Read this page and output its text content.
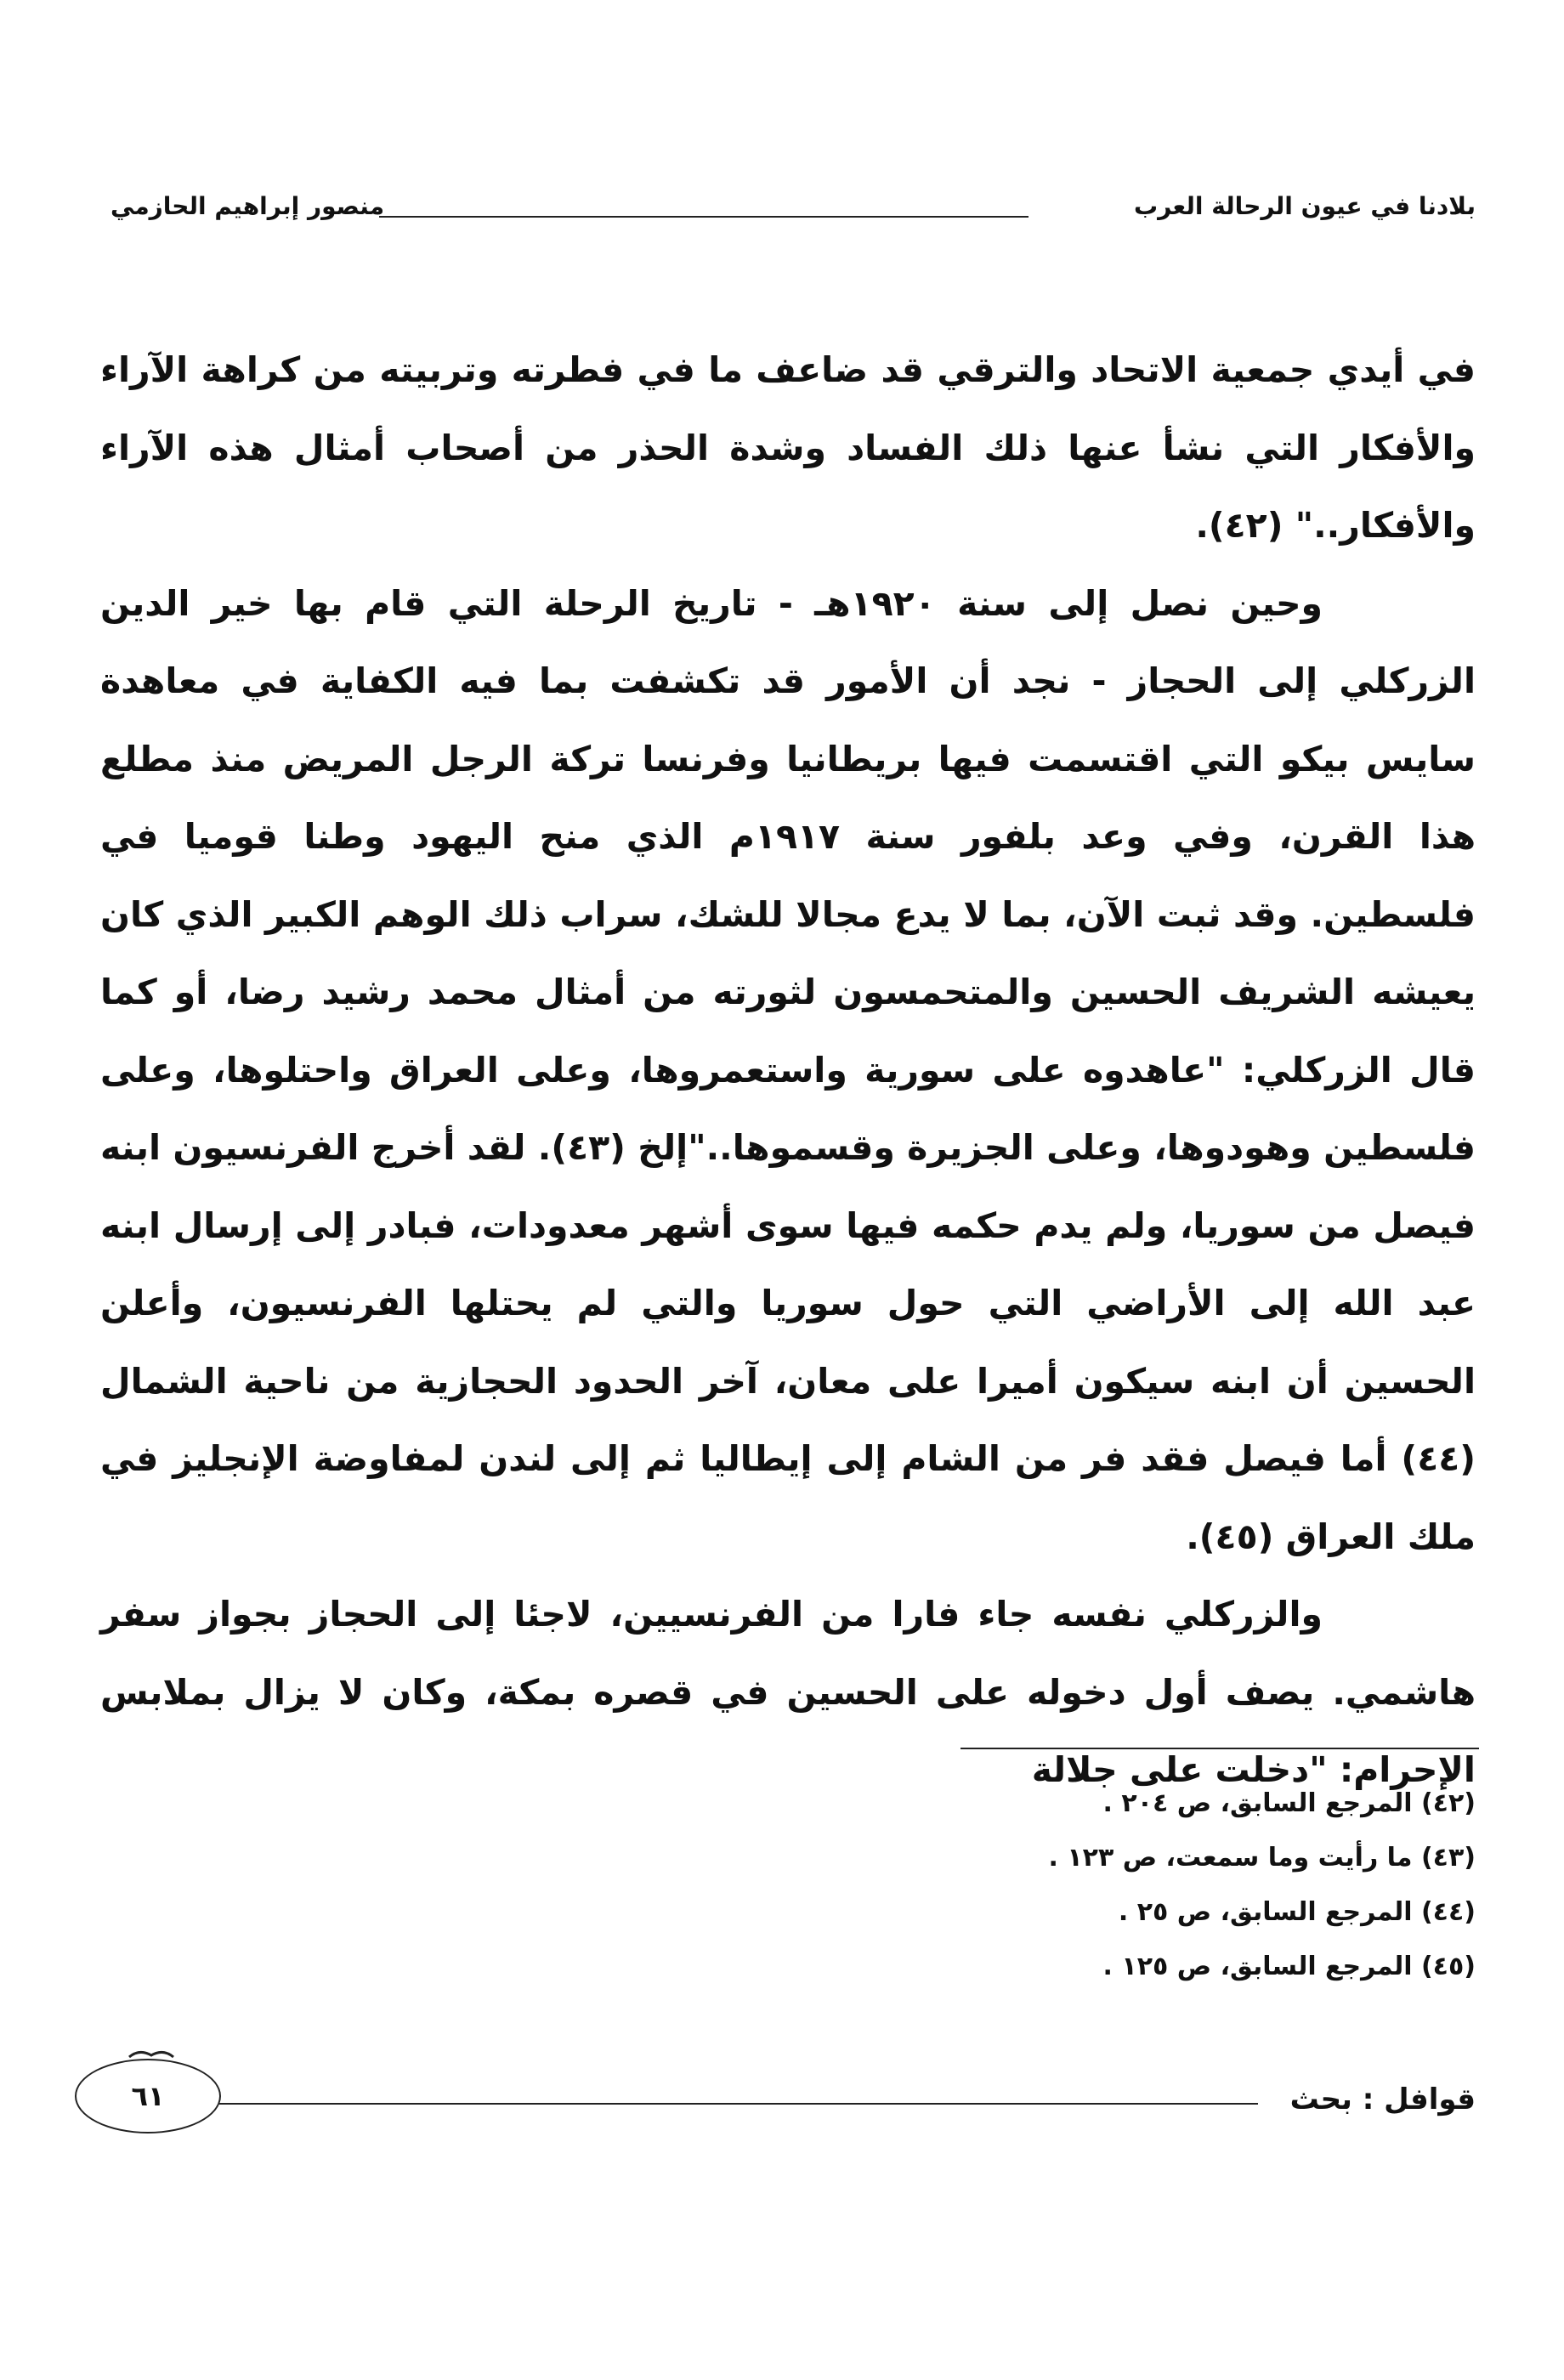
بلادنا في عيون الرحالة العرب
منصور إبراهيم الحازمي

في أيدي جمعية الاتحاد والترقي قد ضاعف ما في فطرته وتربيته من كراهة الآراء والأفكار التي نشأ عنها ذلك الفساد وشدة الحذر من أصحاب أمثال هذه الآراء والأفكار.." (٤٢).

وحين نصل إلى سنة ١٩٢٠هـ - تاريخ الرحلة التي قام بها خير الدين الزركلي إلى الحجاز - نجد أن الأمور قد تكشفت بما فيه الكفاية في معاهدة سايس بيكو التي اقتسمت فيها بريطانيا وفرنسا تركة الرجل المريض منذ مطلع هذا القرن، وفي وعد بلفور سنة ١٩١٧م الذي منح اليهود وطنا قوميا في فلسطين. وقد ثبت الآن، بما لا يدع مجالا للشك، سراب ذلك الوهم الكبير الذي كان يعيشه الشريف الحسين والمتحمسون لثورته من أمثال محمد رشيد رضا، أو كما قال الزركلي: "عاهدوه على سورية واستعمروها، وعلى العراق واحتلوها، وعلى فلسطين وهودوها، وعلى الجزيرة وقسموها.."إلخ (٤٣). لقد أخرج الفرنسيون ابنه فيصل من سوريا، ولم يدم حكمه فيها سوى أشهر معدودات، فبادر إلى إرسال ابنه عبد الله إلى الأراضي التي حول سوريا والتي لم يحتلها الفرنسيون، وأعلن الحسين أن ابنه سيكون أميرا على معان، آخر الحدود الحجازية من ناحية الشمال (٤٤) أما فيصل فقد فر من الشام إلى إيطاليا ثم إلى لندن لمفاوضة الإنجليز في ملك العراق (٤٥).

والزركلي نفسه جاء فارا من الفرنسيين، لاجئا إلى الحجاز بجواز سفر هاشمي. يصف أول دخوله على الحسين في قصره بمكة، وكان لا يزال بملابس الإحرام: "دخلت على جلالة

(٤٢) المرجع السابق، ص ٢٠٤ .
(٤٣) ما رأيت وما سمعت، ص ١٢٣ .
(٤٤) المرجع السابق، ص ٢٥ .
(٤٥) المرجع السابق، ص ١٢٥ .
قوافل : بحث
٦١
